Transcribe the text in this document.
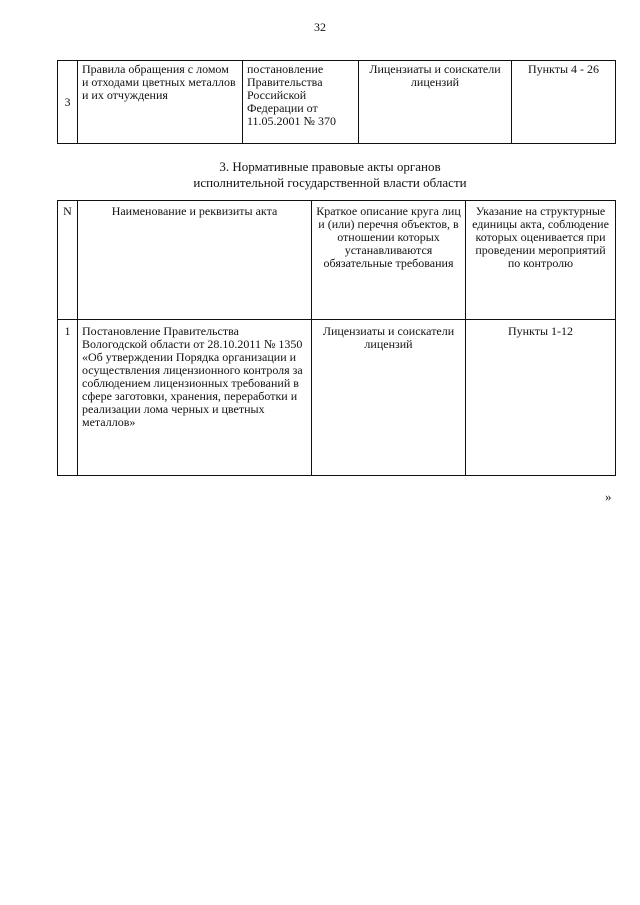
32
3	Правила обращения с ломом и отходами цветных металлов и их отчуждения	постановление Правительства Российской Федерации от 11.05.2001 № 370	Лицензиаты и соискатели лицензий	Пункты 4 - 26
3. Нормативные правовые акты органов
исполнительной государственной власти области
N	Наименование и реквизиты акта	Краткое описание круга лиц и (или) перечня объектов, в отношении которых устанавливаются обязательные требования	Указание на структурные единицы акта, соблюдение которых оценивается при проведении мероприятий по контролю
1	Постановление Правительства Вологодской области от 28.10.2011 № 1350
«Об утверждении Порядка организации и осуществления лицензионного контроля за соблюдением лицензионных требований в сфере заготовки, хранения, переработки и реализации лома черных и цветных металлов»	Лицензиаты и соискатели лицензий	Пункты 1-12
»
